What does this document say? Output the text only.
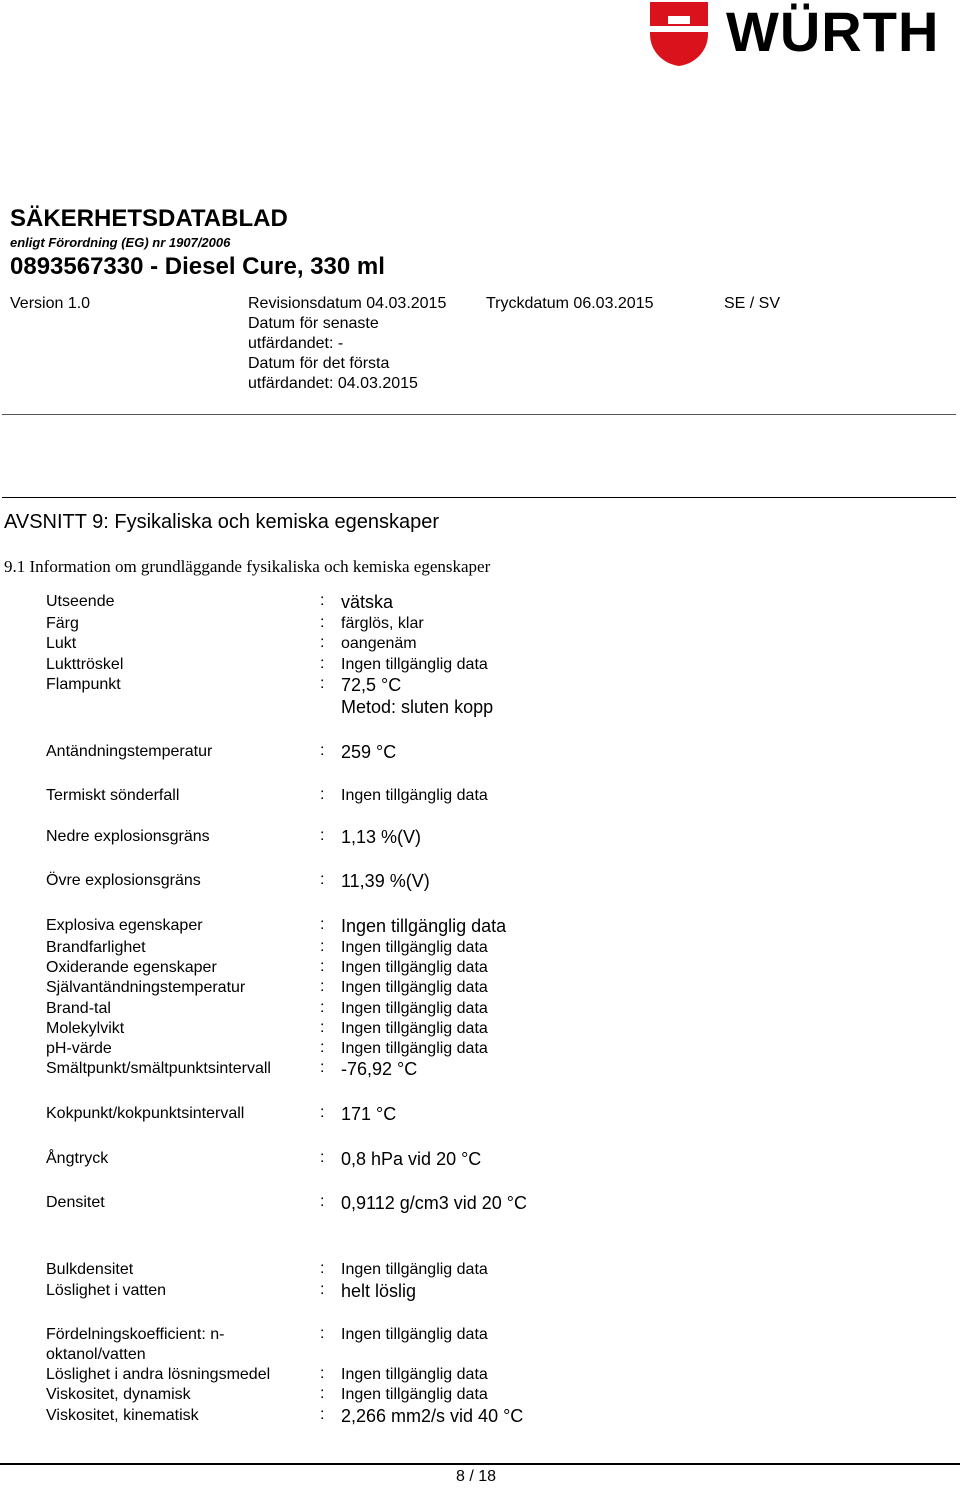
WÜRTH
SÄKERHETSDATABLAD
enligt Förordning (EG) nr 1907/2006
0893567330 - Diesel Cure, 330 ml
Version 1.0	Revisionsdatum 04.03.2015
Datum för senaste
utfärdandet: -
Datum för det första
utfärdandet: 04.03.2015
Tryckdatum 06.03.2015	SE / SV
AVSNITT 9: Fysikaliska och kemiska egenskaper
9.1 Information om grundläggande fysikaliska och kemiska egenskaper
Utseende	: vätska
Färg	: färglös, klar
Lukt	: oangenäm
Lukttröskel	: Ingen tillgänglig data
Flampunkt	: 72,5 °C
Metod: sluten kopp
Antändningstemperatur	: 259 °C
Termiskt sönderfall	: Ingen tillgänglig data
Nedre explosionsgräns	: 1,13 %(V)
Övre explosionsgräns	: 11,39 %(V)
Explosiva egenskaper	: Ingen tillgänglig data
Brandfarlighet	: Ingen tillgänglig data
Oxiderande egenskaper	: Ingen tillgänglig data
Självantändningstemperatur	: Ingen tillgänglig data
Brand-tal	: Ingen tillgänglig data
Molekylvikt	: Ingen tillgänglig data
pH-värde	: Ingen tillgänglig data
Smältpunkt/smältpunktsintervall	: -76,92 °C
Kokpunkt/kokpunktsintervall	: 171 °C
Ångtryck	: 0,8 hPa vid 20 °C
Densitet	: 0,9112 g/cm3 vid 20 °C
Bulkdensitet	: Ingen tillgänglig data
Löslighet i vatten	: helt löslig
Fördelningskoefficient: n-
oktanol/vatten
: Ingen tillgänglig data
Löslighet i andra lösningsmedel	: Ingen tillgänglig data
Viskositet, dynamisk	: Ingen tillgänglig data
Viskositet, kinematisk	: 2,266 mm2/s vid 40 °C
8 / 18
